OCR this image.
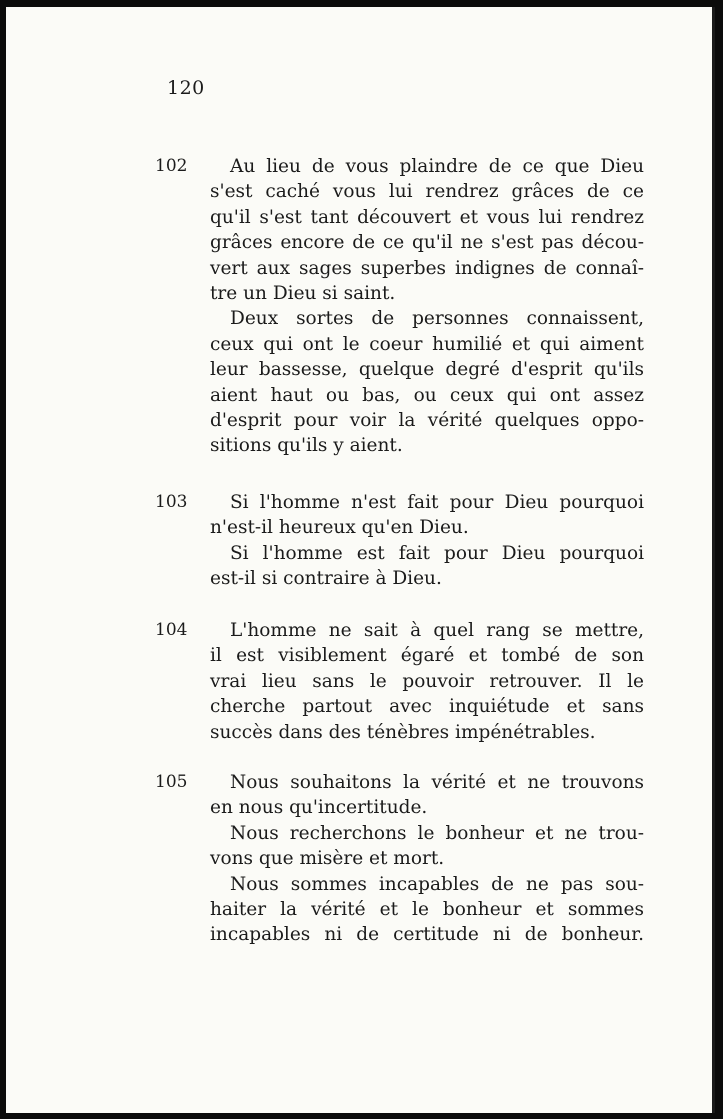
120
102	Au lieu de vous plaindre de ce que Dieu
s'est caché vous lui rendrez grâces de ce
qu'il s'est tant découvert et vous lui rendrez
grâces encore de ce qu'il ne s'est pas décou-
vert aux sages superbes indignes de connaî-
tre un Dieu si saint.
Deux sortes de personnes connaissent,
ceux qui ont le coeur humilié et qui aiment
leur bassesse, quelque degré d'esprit qu'ils
aient haut ou bas, ou ceux qui ont assez
d'esprit pour voir la vérité quelques oppo-
sitions qu'ils y aient.
103	Si l'homme n'est fait pour Dieu pourquoi
n'est-il heureux qu'en Dieu.
Si l'homme est fait pour Dieu pourquoi
est-il si contraire à Dieu.
104	L'homme ne sait à quel rang se mettre,
il est visiblement égaré et tombé de son
vrai lieu sans le pouvoir retrouver. Il le
cherche partout avec inquiétude et sans
succès dans des ténèbres impénétrables.
105	Nous souhaitons la vérité et ne trouvons
en nous qu'incertitude.
Nous recherchons le bonheur et ne trou-
vons que misère et mort.
Nous sommes incapables de ne pas sou-
haiter la vérité et le bonheur et sommes
incapables ni de certitude ni de bonheur.
